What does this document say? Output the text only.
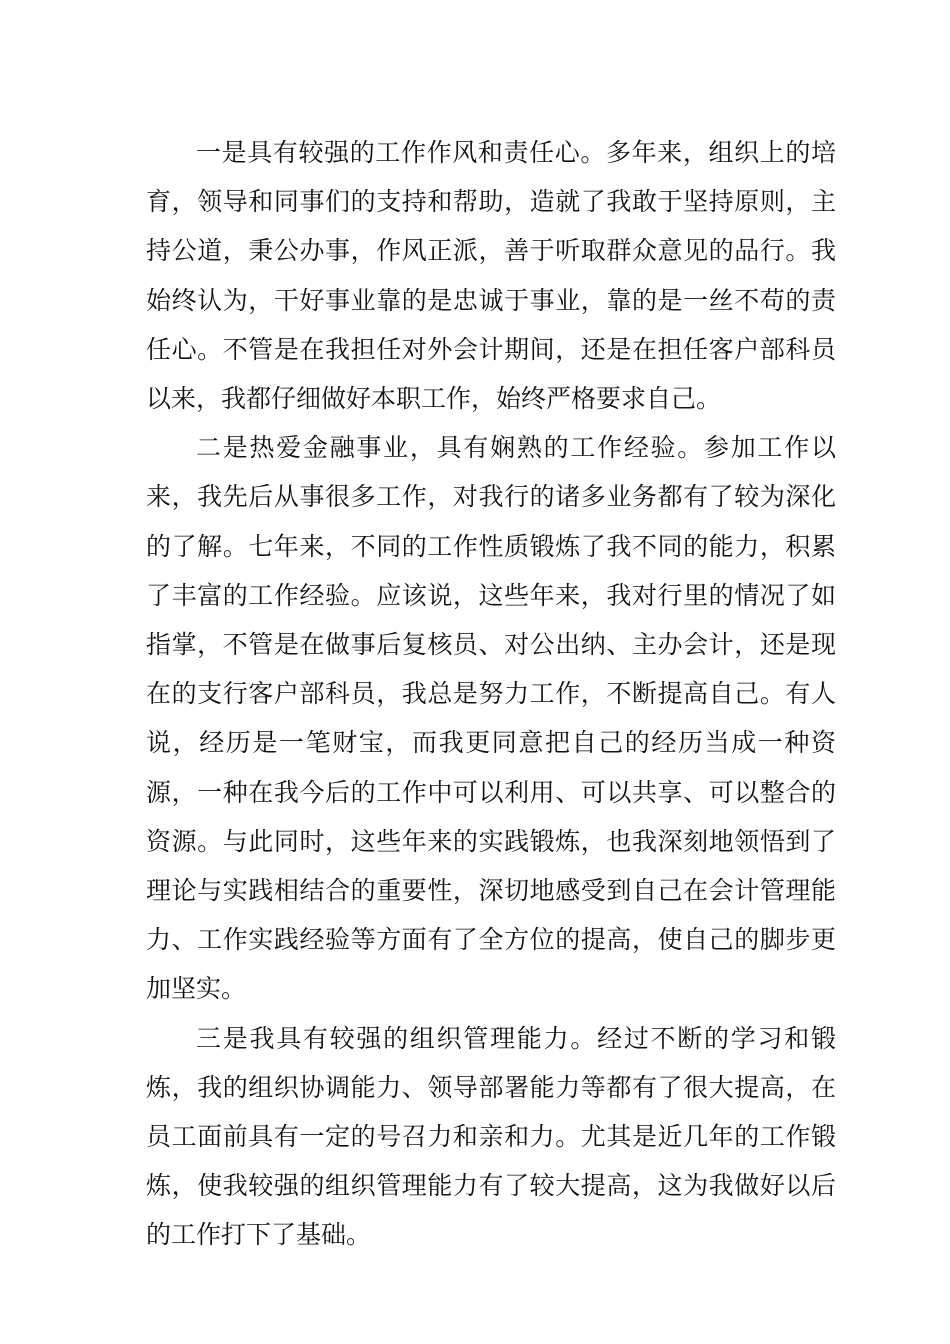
一是具有较强的工作作风和责任心。多年来，组织上的培育，领导和同事们的支持和帮助，造就了我敢于坚持原则，主持公道，秉公办事，作风正派，善于听取群众意见的品行。我始终认为，干好事业靠的是忠诚于事业，靠的是一丝不苟的责任心。不管是在我担任对外会计期间，还是在担任客户部科员以来，我都仔细做好本职工作，始终严格要求自己。

二是热爱金融事业，具有娴熟的工作经验。参加工作以来，我先后从事很多工作，对我行的诸多业务都有了较为深化的了解。七年来，不同的工作性质锻炼了我不同的能力，积累了丰富的工作经验。应该说，这些年来，我对行里的情况了如指掌，不管是在做事后复核员、对公出纳、主办会计，还是现在的支行客户部科员，我总是努力工作，不断提高自己。有人说，经历是一笔财宝，而我更同意把自己的经历当成一种资源，一种在我今后的工作中可以利用、可以共享、可以整合的资源。与此同时，这些年来的实践锻炼，也我深刻地领悟到了理论与实践相结合的重要性，深切地感受到自己在会计管理能力、工作实践经验等方面有了全方位的提高，使自己的脚步更加坚实。

三是我具有较强的组织管理能力。经过不断的学习和锻炼，我的组织协调能力、领导部署能力等都有了很大提高，在员工面前具有一定的号召力和亲和力。尤其是近几年的工作锻炼，使我较强的组织管理能力有了较大提高，这为我做好以后的工作打下了基础。
